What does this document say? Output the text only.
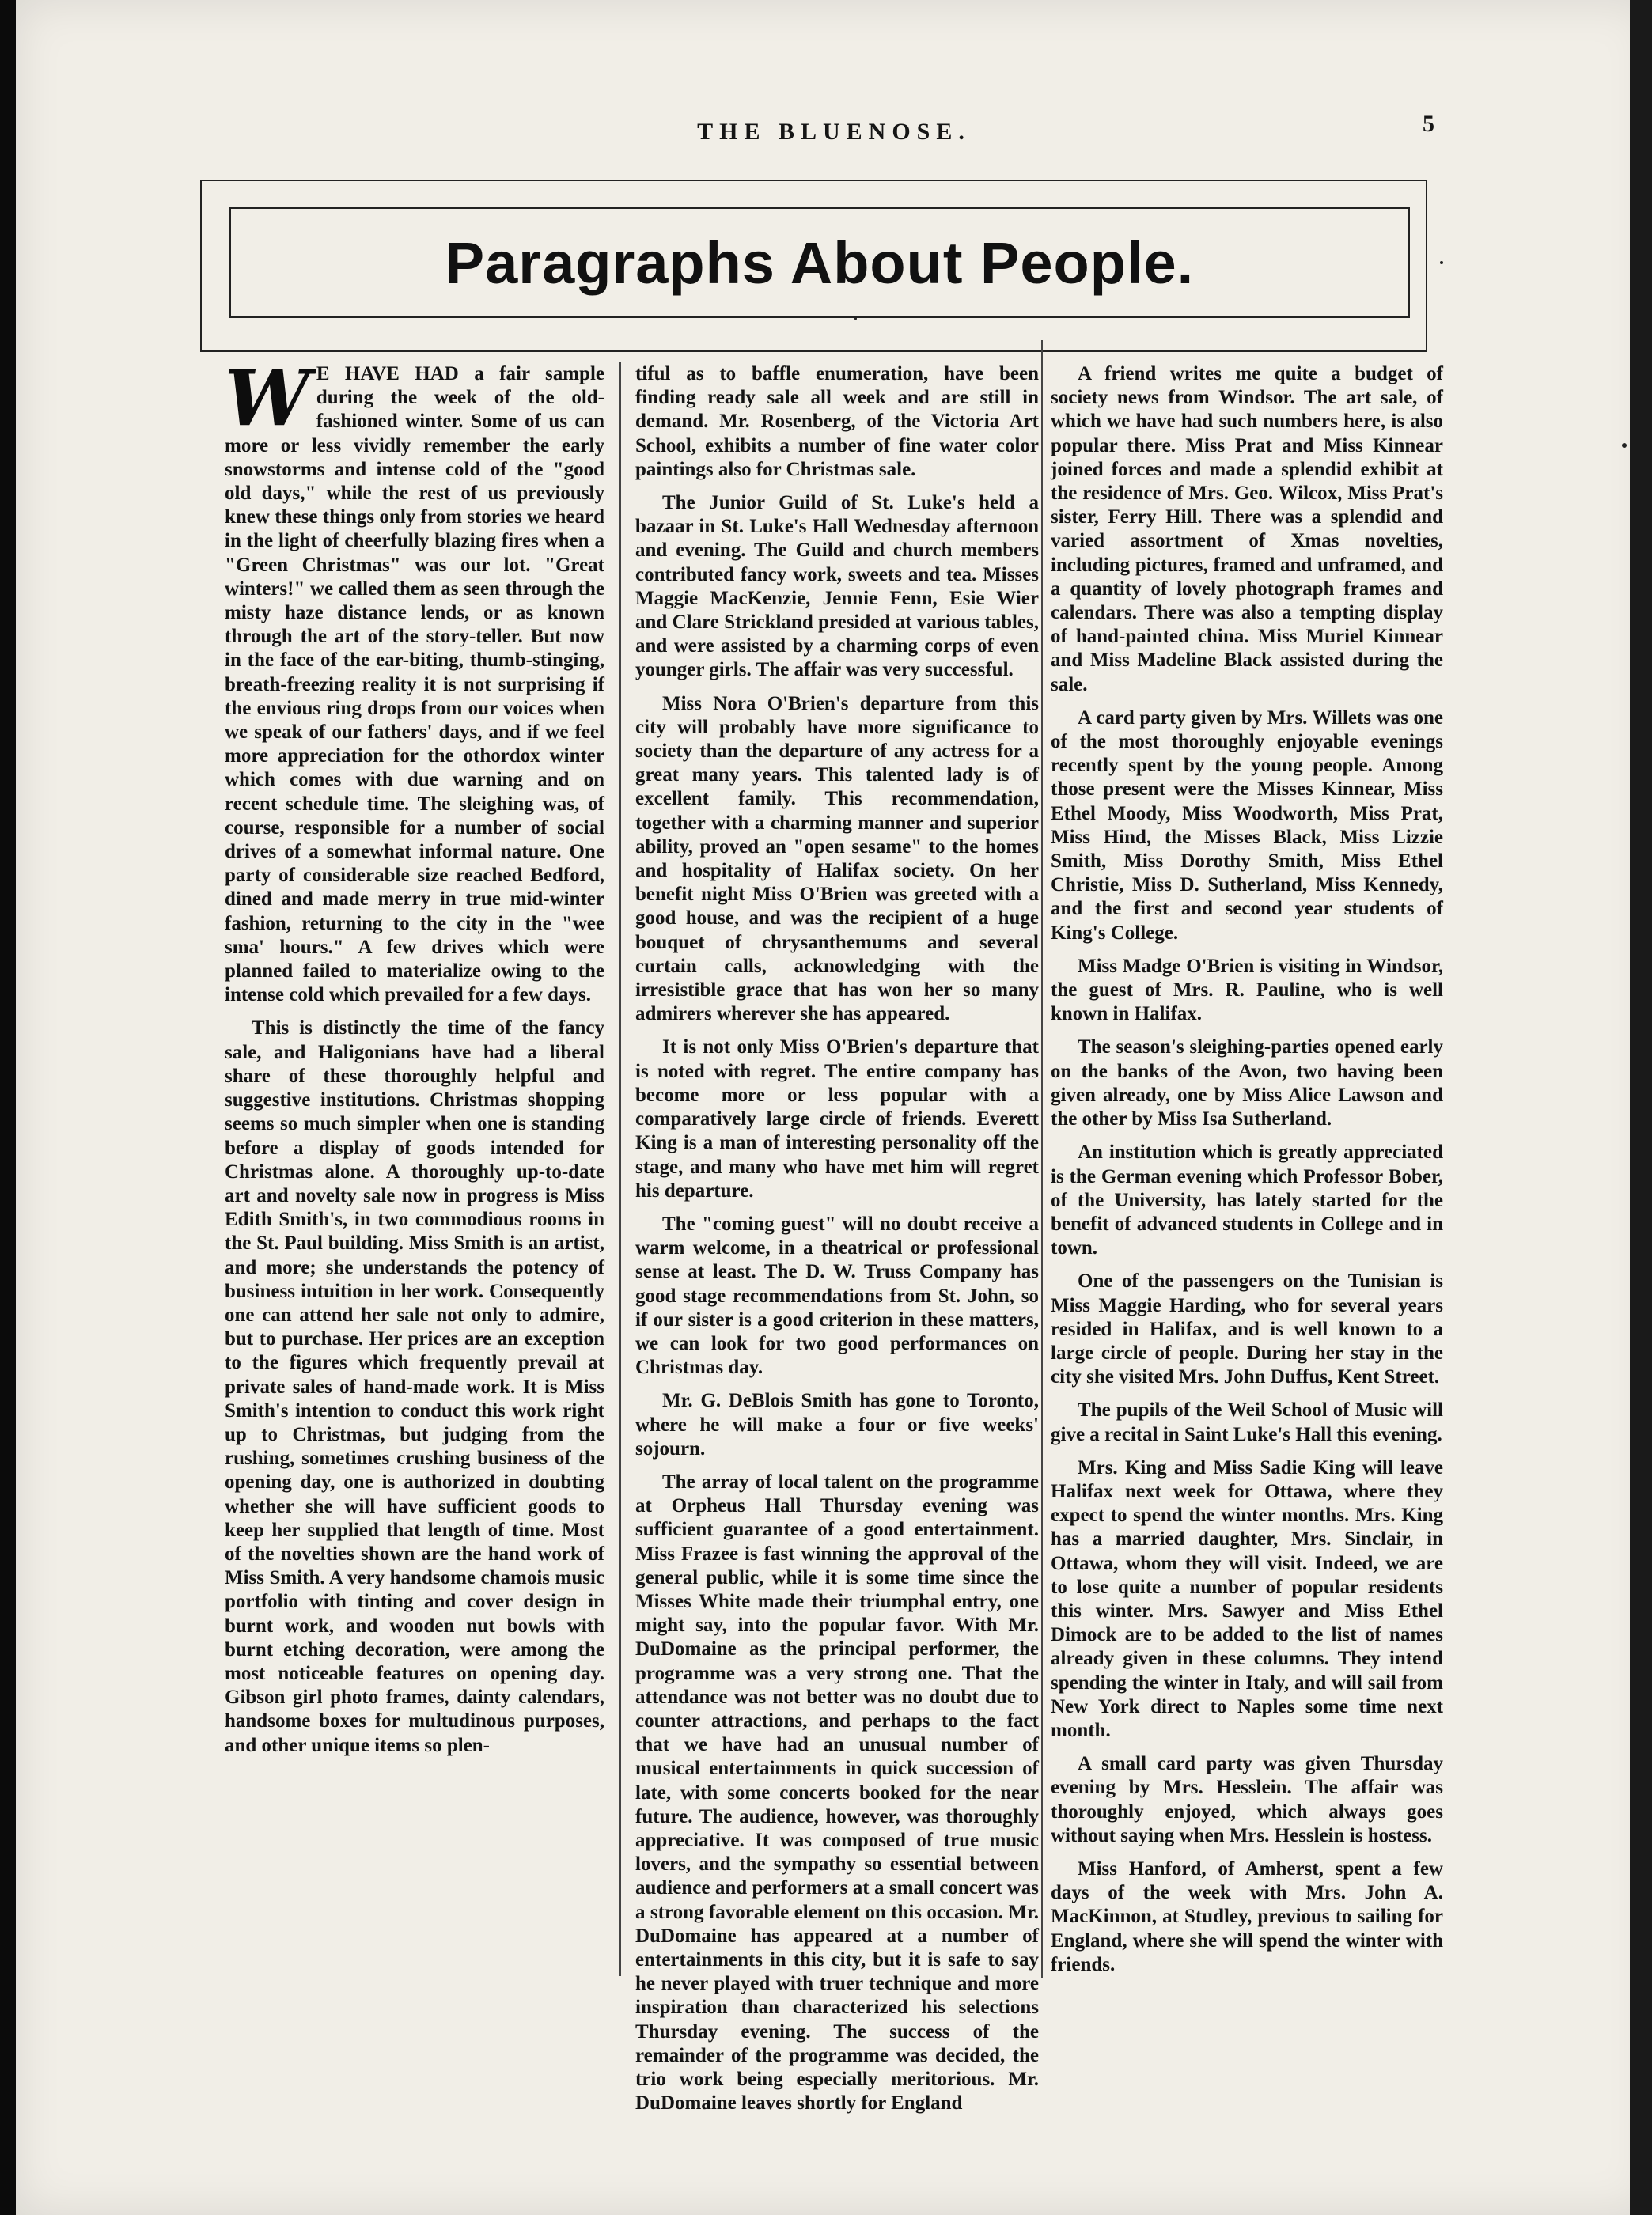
THE BLUENOSE.	5
Paragraphs About People.

W E HAVE HAD a fair sample during the week of the old-fashioned winter. Some of us can more or less vividly remember the early snowstorms and intense cold of the "good old days," while the rest of us previously knew these things only from stories we heard in the light of cheerfully blazing fires when a "Green Christmas" was our lot. "Great winters!" we called them as seen through the misty haze distance lends, or as known through the art of the story-teller. But now in the face of the ear-biting, thumb-stinging, breath-freezing reality it is not surprising if the envious ring drops from our voices when we speak of our fathers' days, and if we feel more appreciation for the othordox winter which comes with due warning and on recent schedule time. The sleighing was, of course, responsible for a number of social drives of a somewhat informal nature. One party of considerable size reached Bedford, dined and made merry in true mid-winter fashion, returning to the city in the "wee sma' hours." A few drives which were planned failed to materialize owing to the intense cold which prevailed for a few days.

This is distinctly the time of the fancy sale, and Haligonians have had a liberal share of these thoroughly helpful and suggestive institutions. Christmas shopping seems so much simpler when one is standing before a display of goods intended for Christmas alone. A thoroughly up-to-date art and novelty sale now in progress is Miss Edith Smith's, in two commodious rooms in the St. Paul building. Miss Smith is an artist, and more; she understands the potency of business intuition in her work. Consequently one can attend her sale not only to admire, but to purchase. Her prices are an exception to the figures which frequently prevail at private sales of hand-made work. It is Miss Smith's intention to conduct this work right up to Christmas, but judging from the rushing, sometimes crushing business of the opening day, one is authorized in doubting whether she will have sufficient goods to keep her supplied that length of time. Most of the novelties shown are the hand work of Miss Smith. A very handsome chamois music portfolio with tinting and cover design in burnt work, and wooden nut bowls with burnt etching decoration, were among the most noticeable features on opening day. Gibson girl photo frames, dainty calendars, handsome boxes for multudinous purposes, and other unique items so plen-

tiful as to baffle enumeration, have been finding ready sale all week and are still in demand. Mr. Rosenberg, of the Victoria Art School, exhibits a number of fine water color paintings also for Christmas sale.

The Junior Guild of St. Luke's held a bazaar in St. Luke's Hall Wednesday afternoon and evening. The Guild and church members contributed fancy work, sweets and tea. Misses Maggie MacKenzie, Jennie Fenn, Esie Wier and Clare Strickland presided at various tables, and were assisted by a charming corps of even younger girls. The affair was very successful.

Miss Nora O'Brien's departure from this city will probably have more significance to society than the departure of any actress for a great many years. This talented lady is of excellent family. This recommendation, together with a charming manner and superior ability, proved an "open sesame" to the homes and hospitality of Halifax society. On her benefit night Miss O'Brien was greeted with a good house, and was the recipient of a huge bouquet of chrysanthemums and several curtain calls, acknowledging with the irresistible grace that has won her so many admirers wherever she has appeared.

It is not only Miss O'Brien's departure that is noted with regret. The entire company has become more or less popular with a comparatively large circle of friends. Everett King is a man of interesting personality off the stage, and many who have met him will regret his departure.

The "coming guest" will no doubt receive a warm welcome, in a theatrical or professional sense at least. The D. W. Truss Company has good stage recommendations from St. John, so if our sister is a good criterion in these matters, we can look for two good performances on Christmas day.

Mr. G. DeBlois Smith has gone to Toronto, where he will make a four or five weeks' sojourn.

The array of local talent on the programme at Orpheus Hall Thursday evening was sufficient guarantee of a good entertainment. Miss Frazee is fast winning the approval of the general public, while it is some time since the Misses White made their triumphal entry, one might say, into the popular favor. With Mr. DuDomaine as the principal performer, the programme was a very strong one. That the attendance was not better was no doubt due to counter attractions, and perhaps to the fact that we have had an unusual number of musical entertainments in quick succession of late, with some concerts booked for the near future. The audience, however, was thoroughly appreciative. It was composed of true music lovers, and the sympathy so essential between audience and performers at a small concert was a strong favorable element on this occasion. Mr. DuDomaine has appeared at a number of entertainments in this city, but it is safe to say he never played with truer technique and more inspiration than characterized his selections Thursday evening. The success of the remainder of the programme was decided, the trio work being especially meritorious. Mr. DuDomaine leaves shortly for England

A friend writes me quite a budget of society news from Windsor. The art sale, of which we have had such numbers here, is also popular there. Miss Prat and Miss Kinnear joined forces and made a splendid exhibit at the residence of Mrs. Geo. Wilcox, Miss Prat's sister, Ferry Hill. There was a splendid and varied assortment of Xmas novelties, including pictures, framed and unframed, and a quantity of lovely photograph frames and calendars. There was also a tempting display of hand-painted china. Miss Muriel Kinnear and Miss Madeline Black assisted during the sale.

A card party given by Mrs. Willets was one of the most thoroughly enjoyable evenings recently spent by the young people. Among those present were the Misses Kinnear, Miss Ethel Moody, Miss Woodworth, Miss Prat, Miss Hind, the Misses Black, Miss Lizzie Smith, Miss Dorothy Smith, Miss Ethel Christie, Miss D. Sutherland, Miss Kennedy, and the first and second year students of King's College.

Miss Madge O'Brien is visiting in Windsor, the guest of Mrs. R. Pauline, who is well known in Halifax.

The season's sleighing-parties opened early on the banks of the Avon, two having been given already, one by Miss Alice Lawson and the other by Miss Isa Sutherland.

An institution which is greatly appreciated is the German evening which Professor Bober, of the University, has lately started for the benefit of advanced students in College and in town.

One of the passengers on the Tunisian is Miss Maggie Harding, who for several years resided in Halifax, and is well known to a large circle of people. During her stay in the city she visited Mrs. John Duffus, Kent Street.

The pupils of the Weil School of Music will give a recital in Saint Luke's Hall this evening.

Mrs. King and Miss Sadie King will leave Halifax next week for Ottawa, where they expect to spend the winter months. Mrs. King has a married daughter, Mrs. Sinclair, in Ottawa, whom they will visit. Indeed, we are to lose quite a number of popular residents this winter. Mrs. Sawyer and Miss Ethel Dimock are to be added to the list of names already given in these columns. They intend spending the winter in Italy, and will sail from New York direct to Naples some time next month.

A small card party was given Thursday evening by Mrs. Hesslein. The affair was thoroughly enjoyed, which always goes without saying when Mrs. Hesslein is hostess.

Miss Hanford, of Amherst, spent a few days of the week with Mrs. John A. MacKinnon, at Studley, previous to sailing for England, where she will spend the winter with friends.
